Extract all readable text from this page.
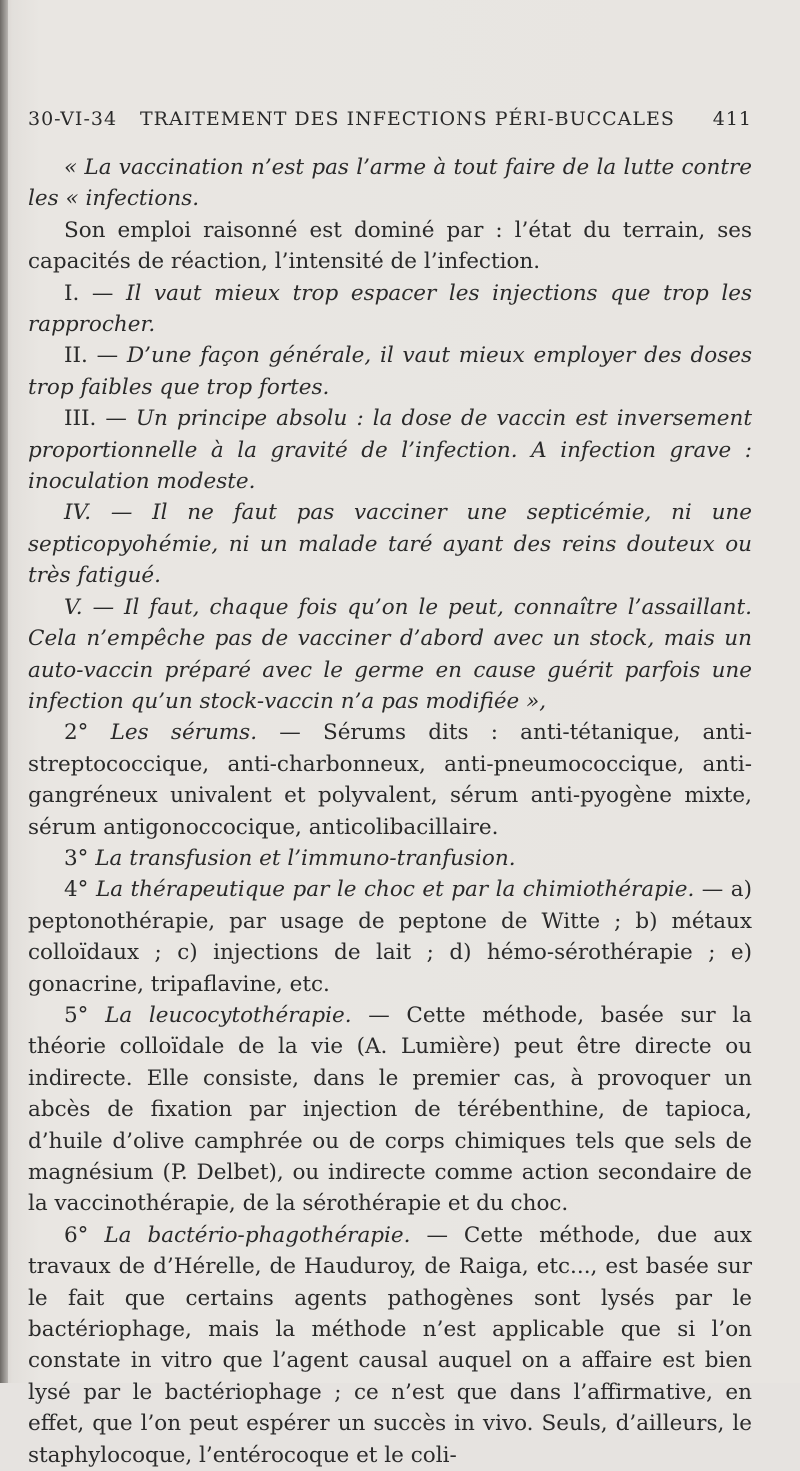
30-VI-34 TRAITEMENT DES INFECTIONS PÉRI-BUCCALES 411

« La vaccination n’est pas l’arme à tout faire de la lutte contre les « infections.

Son emploi raisonné est dominé par : l’état du terrain, ses capacités de réaction, l’intensité de l’infection.

I. — Il vaut mieux trop espacer les injections que trop les rapprocher.

II. — D’une façon générale, il vaut mieux employer des doses trop faibles que trop fortes.

III. — Un principe absolu : la dose de vaccin est inversement proportionnelle à la gravité de l’infection. A infection grave : inoculation modeste.

IV. — Il ne faut pas vacciner une septicémie, ni une septicopyohémie, ni un malade taré ayant des reins douteux ou très fatigué.

V. — Il faut, chaque fois qu’on le peut, connaître l’assaillant. Cela n’empêche pas de vacciner d’abord avec un stock, mais un auto-vaccin préparé avec le germe en cause guérit parfois une infection qu’un stock-vaccin n’a pas modifiée »,

2° Les sérums. — Sérums dits : anti-tétanique, anti-streptococcique, anti-charbonneux, anti-pneumococcique, anti-gangréneux univalent et polyvalent, sérum anti-pyogène mixte, sérum antigonoccocique, anticolibacillaire.

3° La transfusion et l’immuno-tranfusion.

4° La thérapeutique par le choc et par la chimiothérapie. — a) peptonothérapie, par usage de peptone de Witte ; b) métaux colloïdaux ; c) injections de lait ; d) hémo-sérothérapie ; e) gonacrine, tripaflavine, etc.

5° La leucocytothérapie. — Cette méthode, basée sur la théorie colloïdale de la vie (A. Lumière) peut être directe ou indirecte. Elle consiste, dans le premier cas, à provoquer un abcès de fixation par injection de térébenthine, de tapioca, d’huile d’olive camphrée ou de corps chimiques tels que sels de magnésium (P. Delbet), ou indirecte comme action secondaire de la vaccinothérapie, de la sérothérapie et du choc.

6° La bactério-phagothérapie. — Cette méthode, due aux travaux de d’Hérelle, de Hauduroy, de Raiga, etc..., est basée sur le fait que certains agents pathogènes sont lysés par le bactériophage, mais la méthode n’est applicable que si l’on constate in vitro que l’agent causal auquel on a affaire est bien lysé par le bactériophage ; ce n’est que dans l’affirmative, en effet, que l’on peut espérer un succès in vivo. Seuls, d’ailleurs, le staphylocoque, l’entérocoque et le coli-
